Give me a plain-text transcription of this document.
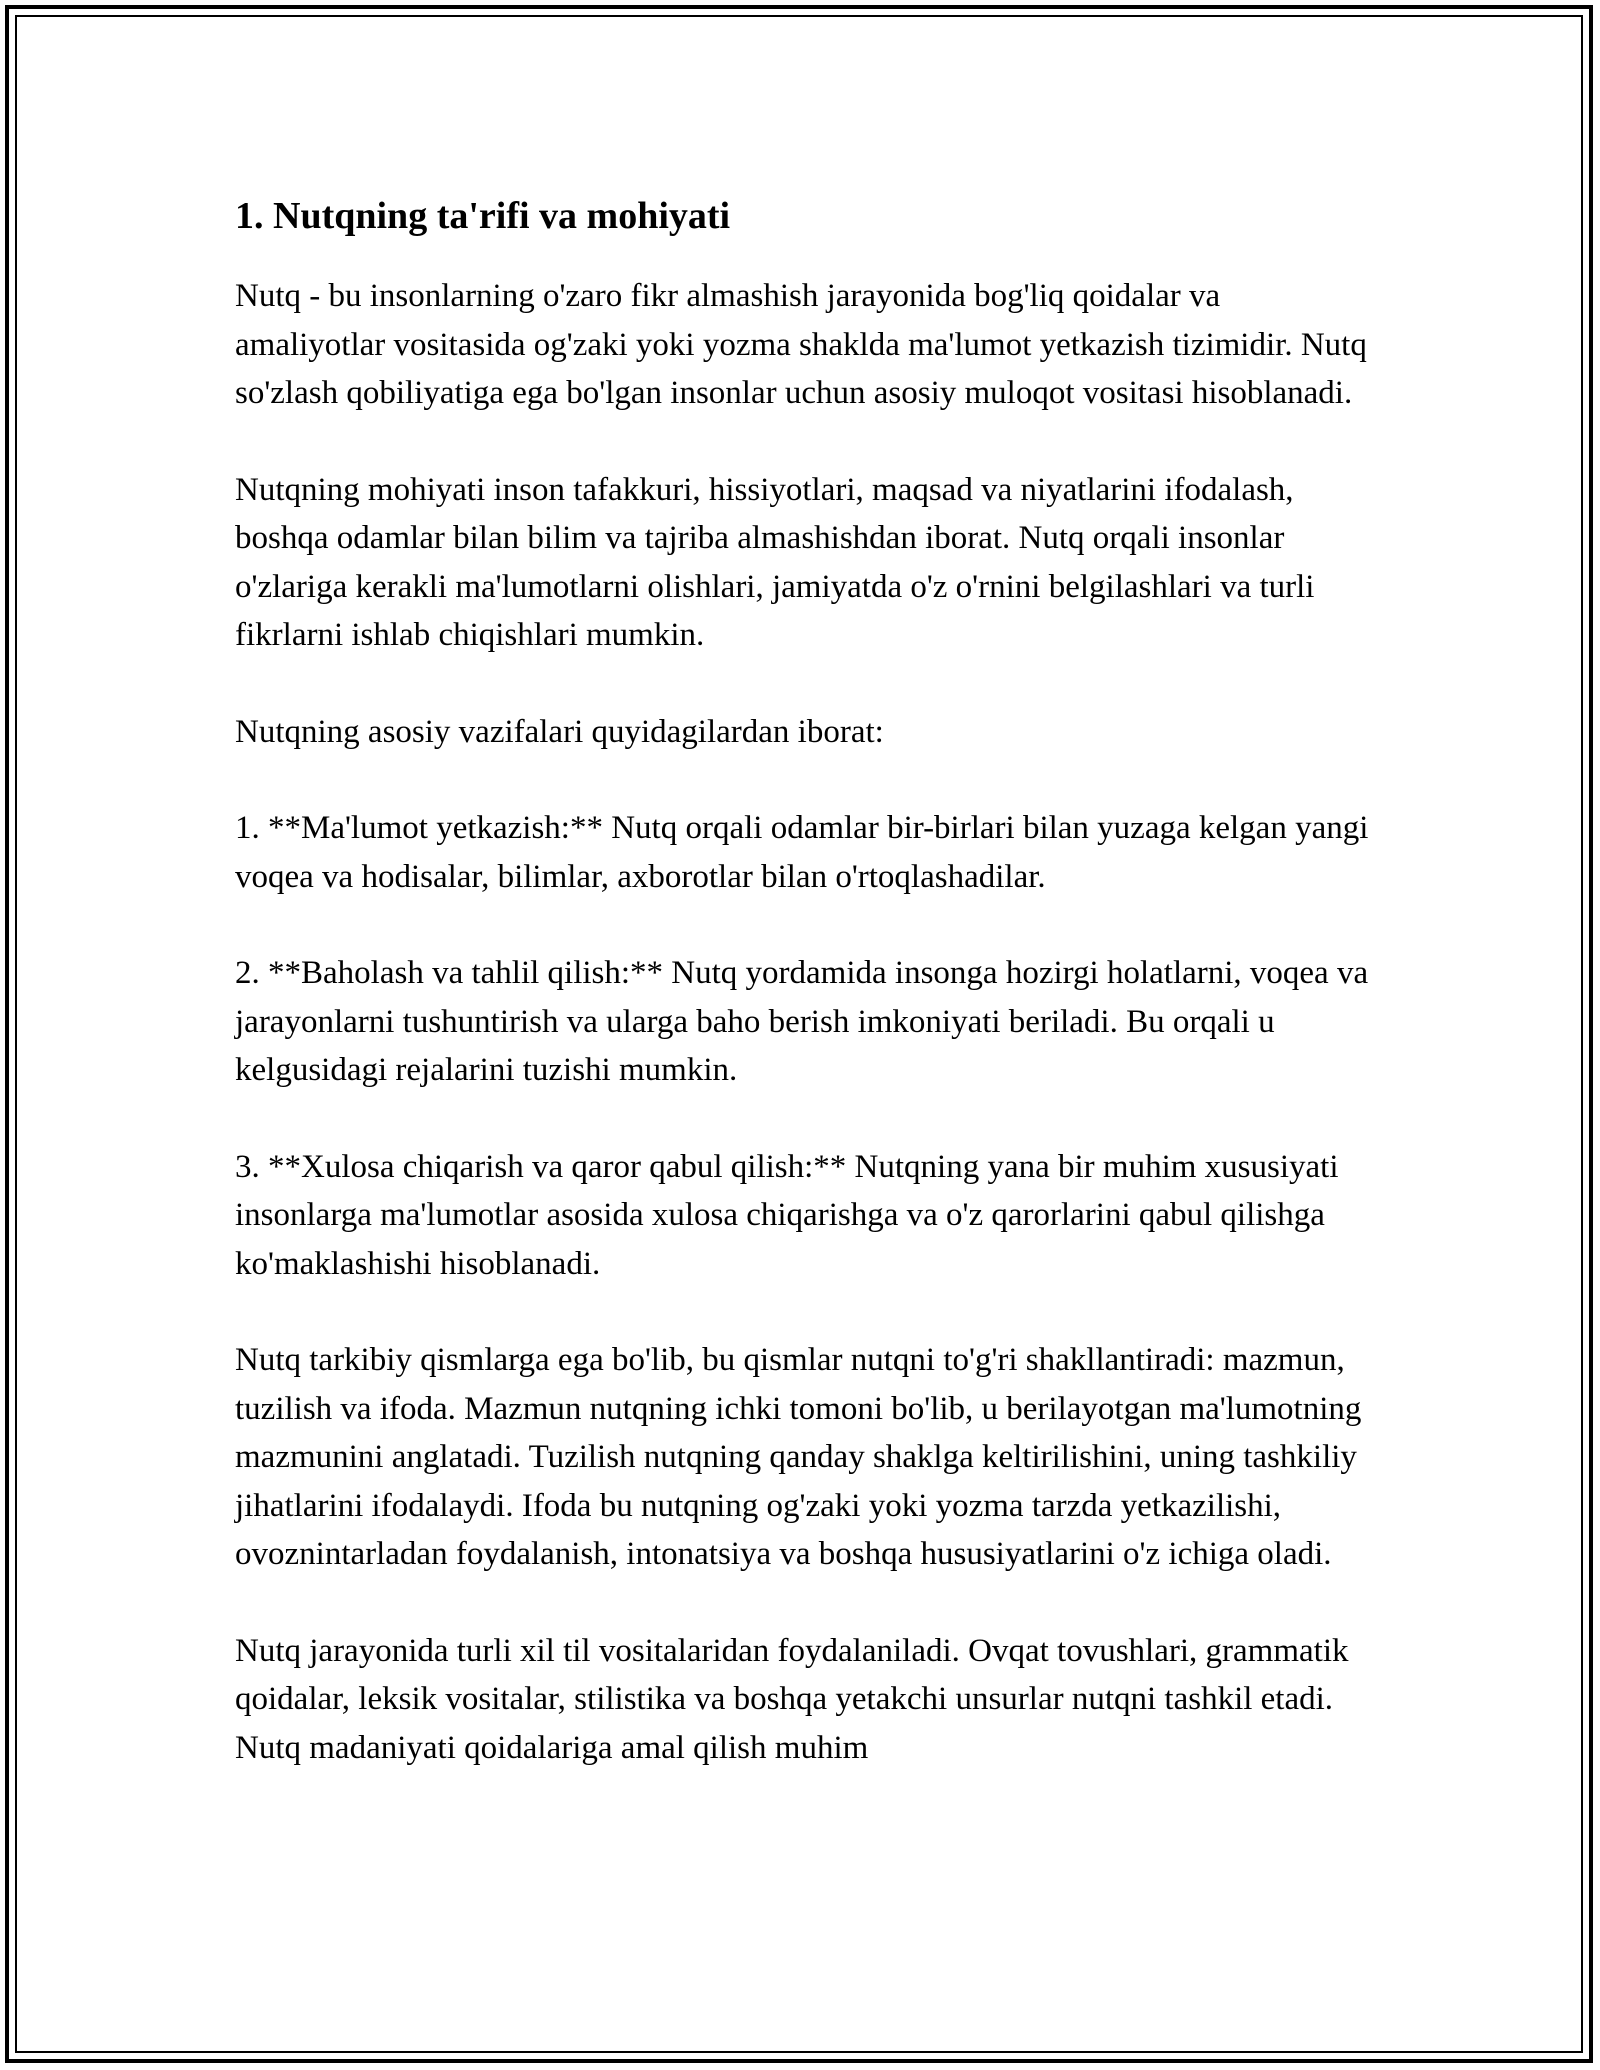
1. Nutqning ta'rifi va mohiyati

Nutq - bu insonlarning o'zaro fikr almashish jarayonida bog'liq qoidalar va amaliyotlar vositasida og'zaki yoki yozma shaklda ma'lumot yetkazish tizimidir. Nutq so'zlash qobiliyatiga ega bo'lgan insonlar uchun asosiy muloqot vositasi hisoblanadi.

Nutqning mohiyati inson tafakkuri, hissiyotlari, maqsad va niyatlarini ifodalash, boshqa odamlar bilan bilim va tajriba almashishdan iborat. Nutq orqali insonlar o'zlariga kerakli ma'lumotlarni olishlari, jamiyatda o'z o'rnini belgilashlari va turli fikrlarni ishlab chiqishlari mumkin.

Nutqning asosiy vazifalari quyidagilardan iborat:

1. **Ma'lumot yetkazish:** Nutq orqali odamlar bir-birlari bilan yuzaga kelgan yangi voqea va hodisalar, bilimlar, axborotlar bilan o'rtoqlashadilar.

2. **Baholash va tahlil qilish:** Nutq yordamida insonga hozirgi holatlarni, voqea va jarayonlarni tushuntirish va ularga baho berish imkoniyati beriladi. Bu orqali u kelgusidagi rejalarini tuzishi mumkin.

3. **Xulosa chiqarish va qaror qabul qilish:** Nutqning yana bir muhim xususiyati insonlarga ma'lumotlar asosida xulosa chiqarishga va o'z qarorlarini qabul qilishga ko'maklashishi hisoblanadi.

Nutq tarkibiy qismlarga ega bo'lib, bu qismlar nutqni to'g'ri shakllantiradi: mazmun, tuzilish va ifoda. Mazmun nutqning ichki tomoni bo'lib, u berilayotgan ma'lumotning mazmunini anglatadi. Tuzilish nutqning qanday shaklga keltirilishini, uning tashkiliy jihatlarini ifodalaydi. Ifoda bu nutqning og'zaki yoki yozma tarzda yetkazilishi, ovoznintarladan foydalanish, intonatsiya va boshqa hususiyatlarini o'z ichiga oladi.

Nutq jarayonida turli xil til vositalaridan foydalaniladi. Ovqat tovushlari, grammatik qoidalar, leksik vositalar, stilistika va boshqa yetakchi unsurlar nutqni tashkil etadi. Nutq madaniyati qoidalariga amal qilish muhim
